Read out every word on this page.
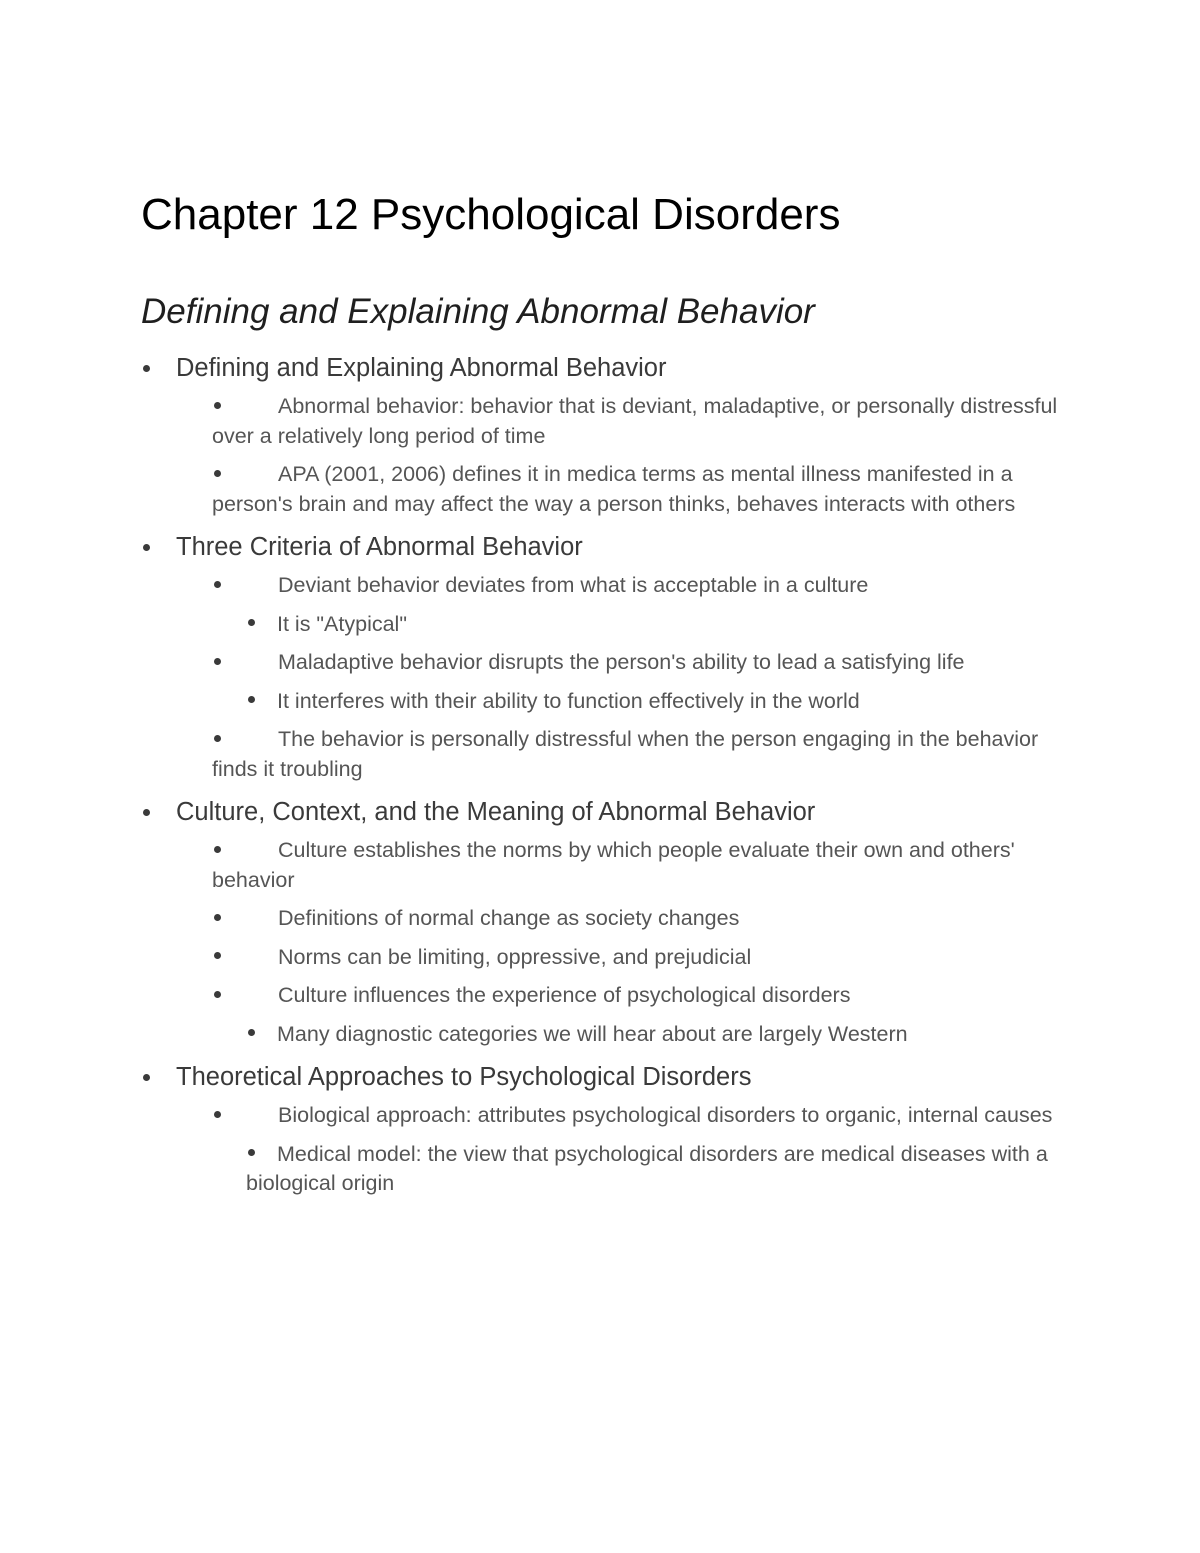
Chapter 12 Psychological Disorders
Defining and Explaining Abnormal Behavior
Defining and Explaining Abnormal Behavior
Abnormal behavior: behavior that is deviant, maladaptive, or personally distressful over a relatively long period of time
APA (2001, 2006) defines it in medica terms as mental illness manifested in a person's brain and may affect the way a person thinks, behaves interacts with others
Three Criteria of Abnormal Behavior
Deviant behavior deviates from what is acceptable in a culture
It is "Atypical"
Maladaptive behavior disrupts the person's ability to lead a satisfying life
It interferes with their ability to function effectively in the world
The behavior is personally distressful when the person engaging in the behavior finds it troubling
Culture, Context, and the Meaning of Abnormal Behavior
Culture establishes the norms by which people evaluate their own and others' behavior
Definitions of normal change as society changes
Norms can be limiting, oppressive, and prejudicial
Culture influences the experience of psychological disorders
Many diagnostic categories we will hear about are largely Western
Theoretical Approaches to Psychological Disorders
Biological approach: attributes psychological disorders to organic, internal causes
Medical model: the view that psychological disorders are medical diseases with a biological origin
